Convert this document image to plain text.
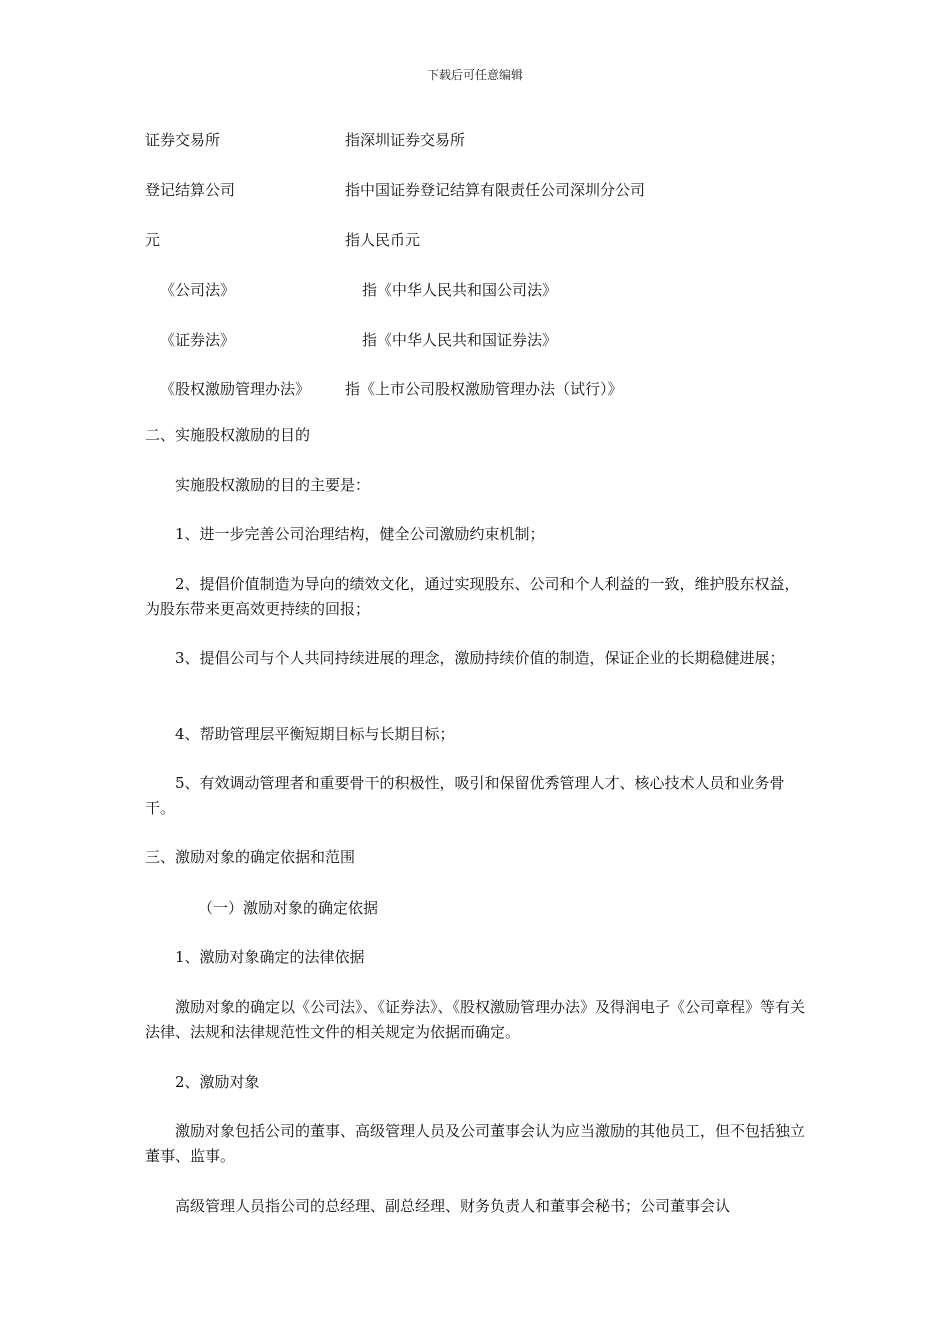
下载后可任意编辑
证券交易所	指深圳证券交易所
登记结算公司	指中国证券登记结算有限责任公司深圳分公司
元	指人民币元
《公司法》	指《中华人民共和国公司法》
《证券法》	指《中华人民共和国证券法》
《股权激励管理办法》 指《上市公司股权激励管理办法（试行）》
二、实施股权激励的目的
实施股权激励的目的主要是：
1、进一步完善公司治理结构，健全公司激励约束机制；
2、提倡价值制造为导向的绩效文化，通过实现股东、公司和个人利益的一致，维护股东权益，为股东带来更高效更持续的回报；
3、提倡公司与个人共同持续进展的理念，激励持续价值的制造，保证企业的长期稳健进展；
4、帮助管理层平衡短期目标与长期目标；
5、有效调动管理者和重要骨干的积极性，吸引和保留优秀管理人才、核心技术人员和业务骨干。
三、激励对象的确定依据和范围
（一）激励对象的确定依据
1、激励对象确定的法律依据
激励对象的确定以《公司法》、《证券法》、《股权激励管理办法》及得润电子《公司章程》等有关法律、法规和法律规范性文件的相关规定为依据而确定。
2、激励对象
激励对象包括公司的董事、高级管理人员及公司董事会认为应当激励的其他员工，但不包括独立董事、监事。
高级管理人员指公司的总经理、副总经理、财务负责人和董事会秘书；公司董事会认
